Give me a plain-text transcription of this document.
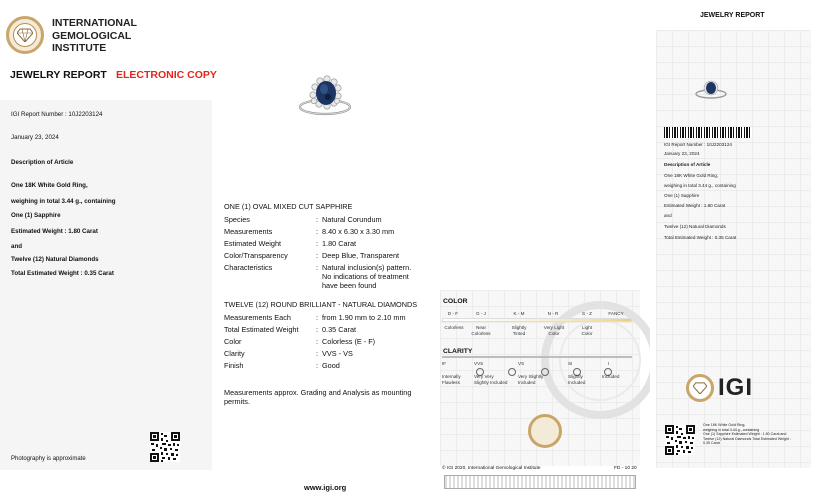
INTERNATIONAL
GEMOLOGICAL
INSTITUTE
JEWELRY REPORT ELECTRONIC COPY
IGI Report Number : 10J2203124
January 23, 2024
Description of Article
One 18K White Gold Ring,
weighing in total 3.44 g., containing
One (1) Sapphire
Estimated Weight : 1.80 Carat
and
Twelve (12) Natural Diamonds
Total Estimated Weight : 0.35 Carat
Photography is approximate
ONE (1) OVAL MIXED CUT SAPPHIRE
Species	: Natural Corundum
Measurements	: 8.40 x 6.30 x 3.30 mm
Estimated Weight	: 1.80 Carat
Color/Transparency	: Deep Blue, Transparent
Characteristics	: Natural inclusion(s) pattern. No indications of treatment have been found
TWELVE (12) ROUND BRILLIANT - NATURAL DIAMONDS
Measurements Each	: from 1.90 mm to 2.10 mm
Total Estimated Weight	: 0.35 Carat
Color	: Colorless (E - F)
Clarity	: VVS - VS
Finish	: Good
Measurements approx. Grading and Analysis as mounting permits.
www.igi.org
COLOR
D - F	G - J	K - M	N - R	S - Z	FANCY
Colorless	Near Colorless
Slightly Tinted
Very Light Color
Light Color
CLARITY
IF	VVS	VS	SI	I
Internally Flawless
Very Very Slightly Included
Very Slightly Included
Slightly Included
Included
© IGI 2020, International Gemological Institute	FD - 10 20
JEWELRY REPORT
IGI Report Number : 10J2203124
January 23, 2024
Description of Article
One 18K White Gold Ring,
weighing in total 3.44 g., containing
One (1) Sapphire
Estimated Weight : 1.80 Carat
and
Twelve (12) Natural Diamonds
Total Estimated Weight : 0.35 Carat
IGI
One 18K White Gold Ring,
weighing in total 3.44 g., containing
One (1) Sapphire Estimated Weight : 1.80 Carat and
Twelve (12) Natural Diamonds Total Estimated Weight :
0.35 Carat
